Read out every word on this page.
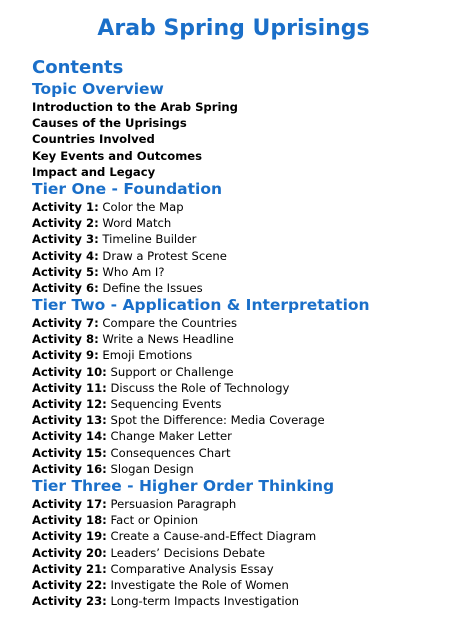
Arab Spring Uprisings
Contents
Topic Overview
Introduction to the Arab Spring
Causes of the Uprisings
Countries Involved
Key Events and Outcomes
Impact and Legacy
Tier One - Foundation
Activity 1: Color the Map
Activity 2: Word Match
Activity 3: Timeline Builder
Activity 4: Draw a Protest Scene
Activity 5: Who Am I?
Activity 6: Define the Issues
Tier Two - Application & Interpretation
Activity 7: Compare the Countries
Activity 8: Write a News Headline
Activity 9: Emoji Emotions
Activity 10: Support or Challenge
Activity 11: Discuss the Role of Technology
Activity 12: Sequencing Events
Activity 13: Spot the Difference: Media Coverage
Activity 14: Change Maker Letter
Activity 15: Consequences Chart
Activity 16: Slogan Design
Tier Three - Higher Order Thinking
Activity 17: Persuasion Paragraph
Activity 18: Fact or Opinion
Activity 19: Create a Cause-and-Effect Diagram
Activity 20: Leaders’ Decisions Debate
Activity 21: Comparative Analysis Essay
Activity 22: Investigate the Role of Women
Activity 23: Long-term Impacts Investigation
